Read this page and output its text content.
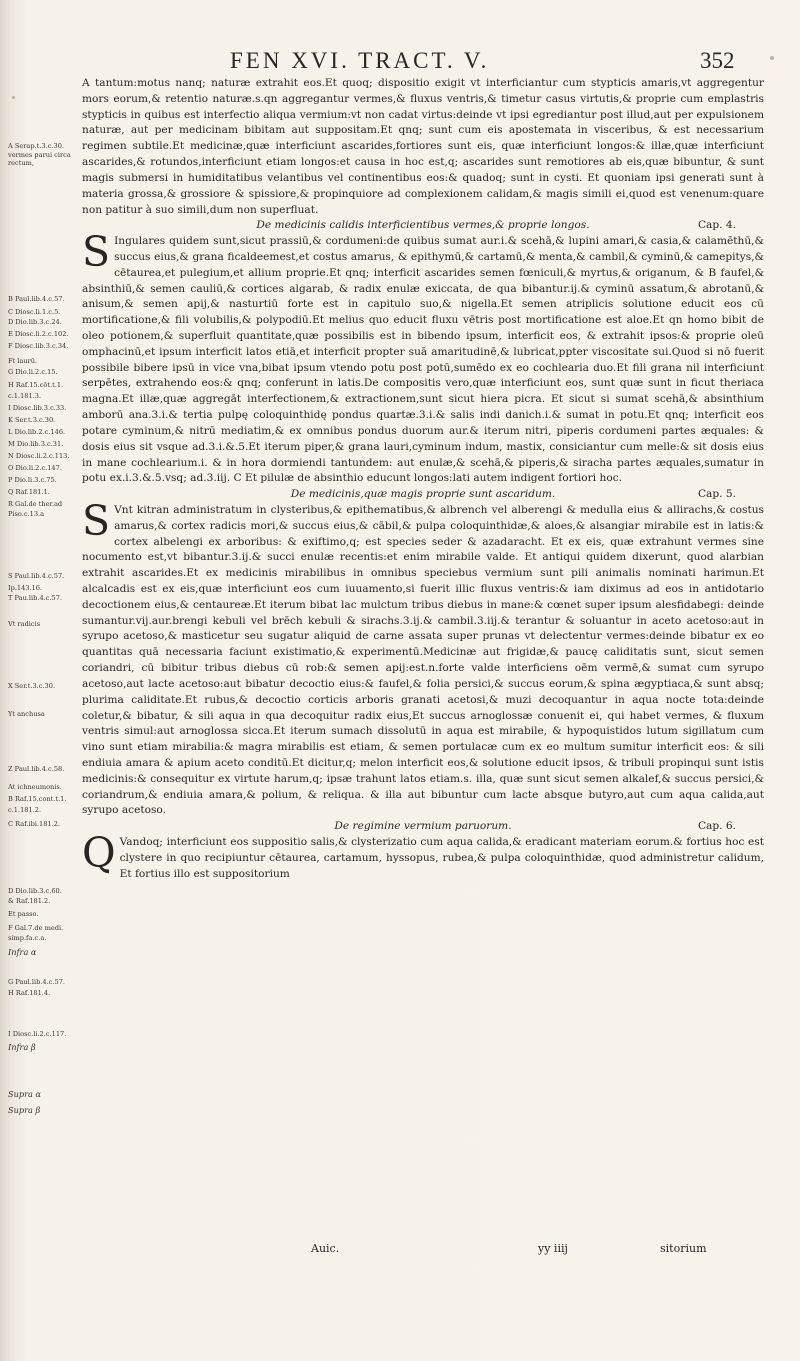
FEN XVI. TRACT. V.	352
A Serap.t.3.c.30.
vermes parui circa rectum,
B Paul.lib.4.c.57.
C Diosc.li.1.c.5.
D Dio.lib.3.c.24.
E Diosc.li.2.c.102.
F Diosc.lib.3.c.34.
Ft laurū.
G Dio.li.2.c.15.
H Raf.15.cōt.t.1.
c.1.181.3.
I Diosc.lib.3.c.33.
K Ser.t.3.c.30.
L Dio.lib.2.c.146.
M Dio.lib.3.c.31.
N Diosc.li.2.c.113.
O Dio.li.2.c.147.
P Dio.li.3.c.75.
Q Raf.181.1.
R Gal.de ther.ad
Piso.c.13.a
S Paul.lib.4.c.57.
Ip.143.16.
T Pau.lib.4.c.57.
Vt radicis
X Ser.t.3.c.30.
Yt anchusa
Z Paul.lib.4.c.58.
At ichneumonis.
B Raf.15.cont.t.1.
c.1.181.2.
C Raf.ibi.181.2.
D Dio.lib.3.c.60.
& Raf.181.2.
Et passo.
F Gal.7.de medi.
simp.fa.c.a.
Infra α
G Paul.lib.4.c.57.
H Raf.181.4.
I Diosc.li.2.c.117.
Infra β
Supra α
Supra β

A tantum:motus nanq; naturæ extrahit eos.Et quoq; dispositio exigit vt interficiantur cum stypticis amaris,vt aggregentur mors eorum,& retentio naturæ.s.qn aggregantur vermes,& fluxus ventris,& timetur casus virtutis,& proprie cum emplastris stypticis in quibus est interfectio aliqua vermium:vt non cadat virtus:deinde vt ipsi egrediantur post illud,aut per expulsionem naturæ, aut per medicinam bibitam aut suppositam.Et qnq; sunt cum eis apostemata in visceribus, & est necessarium regimen subtile.Et medicinæ,quæ interficiunt ascarides,fortiores sunt eis, quæ interficiunt longos:& illæ,quæ interficiunt ascarides,& rotundos,interficiunt etiam longos:et causa in hoc est,q; ascarides sunt remotiores ab eis,quæ bibuntur, & sunt magis submersi in humiditatibus velantibus vel continentibus eos:& quadoq; sunt in cysti. Et quoniam ipsi generati sunt à materia grossa,& grossiore & spissiore,& propinquiore ad complexionem calidam,& magis simili ei,quod est venenum:quare non patitur à suo simili,dum non superfluat.

De medicinis calidis interficientibus vermes,& proprie longos.	Cap. 4.

S Ingulares quidem sunt,sicut prassiū,& cordumeni:de quibus sumat aur.i.& scehā,& lupini amari,& casia,& calamēthū,& succus eius,& grana ficaldeemest,et costus amarus, & epithymū,& cartamū,& menta,& cambil,& cyminū,& camepitys,& cētaurea,et pulegium,et allium proprie.Et qnq; interficit ascarides semen fœniculi,& myrtus,& origanum, & B faufel,& absinthiū,& semen cauliū,& cortices algarab, & radix enulæ exiccata, de qua bibantur.ij.& cyminū assatum,& abrotanū,& anisum,& semen apij,& nasturtiū forte est in capitulo suo,& nigella.Et semen atriplicis solutione educit eos cū mortificatione,& fili volubilis,& polypodiū.Et melius quo educit fluxu vētris post mortificatione est aloe.Et qn homo bibit de oleo potionem,& superfluit quantitate,quæ possibilis est in bibendo ipsum, interficit eos, & extrahit ipsos:& proprie oleū omphacinū,et ipsum interficit latos etiā,et interficit propter suā amaritudinē,& lubricat,ppter viscositate sui.Quod si nō fuerit possibile bibere ipsū in vice vna,bibat ipsum vtendo potu post potū,sumēdo ex eo cochlearia duo.Et fili grana nil interficiunt serpētes, extrahendo eos:& qnq; conferunt in latis.De compositis vero,quæ interficiunt eos, sunt quæ sunt in ficut theriaca magna.Et illæ,quæ aggregāt interfectionem,& extractionem,sunt sicut hiera picra. Et sicut si sumat scehā,& absinthium amborū ana.3.i.& tertia pulpę coloquinthidę pondus quartæ.3.i.& salis indi danich.i.& sumat in potu.Et qnq; interficit eos potare cyminum,& nitrū mediatim,& ex omnibus pondus duorum aur.& iterum nitri, piperis cordumeni partes æquales: & dosis eius sit vsque ad.3.i.&.5.Et iterum piper,& grana lauri,cyminum indum, mastix, consiciantur cum melle:& sit dosis eius in mane cochlearium.i. & in hora dormiendi tantundem: aut enulæ,& scehā,& piperis,& siracha partes æquales,sumatur in potu ex.i.3.&.5.vsq; ad.3.iij. C Et pilulæ de absinthio educunt longos:lati autem indigent fortiori hoc.

De medicinis,quæ magis proprie sunt ascaridum.	Cap. 5.

S Vnt kitran administratum in clysteribus,& epithematibus,& albrench vel alberengi & medulla eius & allirachs,& costus amarus,& cortex radicis mori,& succus eius,& cābil,& pulpa coloquinthidæ,& aloes,& alsangiar mirabile est in latis:& cortex albelengi ex arboribus: & exiftimo,q; est species seder & azadaracht. Et ex eis, quæ extrahunt vermes sine nocumento est,vt bibantur.3.ij.& succi enulæ recentis:et enim mirabile valde. Et antiqui quidem dixerunt, quod alarbian extrahit ascarides.Et ex medicinis mirabilibus in omnibus speciebus vermium sunt pili animalis nominati harimun.Et alcalcadis est ex eis,quæ interficiunt eos cum iuuamento,si fuerit illic fluxus ventris:& iam diximus ad eos in antidotario decoctionem eius,& centaureæ.Et iterum bibat lac mulctum tribus diebus in mane:& cœnet super ipsum alesfidabegi: deinde sumantur.vij.aur.brengi kebuli vel brēch kebuli & sirachs.3.ij.& cambil.3.iij.& terantur & soluantur in aceto acetoso:aut in syrupo acetoso,& masticetur seu sugatur aliquid de carne assata super prunas vt delectentur vermes:deinde bibatur ex eo quantitas quā necessaria faciunt existimatio,& experimentū.Medicinæ aut frigidæ,& paucę caliditatis sunt, sicut semen coriandri, cū bibitur tribus diebus cū rob:& semen apij:est.n.forte valde interficiens oēm vermē,& sumat cum syrupo acetoso,aut lacte acetoso:aut bibatur decoctio eius:& faufel,& folia persici,& succus eorum,& spina ægyptiaca,& sunt absq; plurima caliditate.Et rubus,& decoctio corticis arboris granati acetosi,& muzi decoquantur in aqua nocte tota:deinde coletur,& bibatur, & sili aqua in qua decoquitur radix eius,Et succus arnoglossæ conuenit ei, qui habet vermes, & fluxum ventris simul:aut arnoglossa sicca.Et iterum sumach dissolutū in aqua est mirabile, & hypoquistidos lutum sigillatum cum vino sunt etiam mirabilia:& magra mirabilis est etiam, & semen portulacæ cum ex eo multum sumitur interficit eos: & sili endiuia amara & apium aceto conditū.Et dicitur,q; melon interficit eos,& solutione educit ipsos, & tribuli propinqui sunt istis medicinis:& consequitur ex virtute harum,q; ipsæ trahunt latos etiam.s. illa, quæ sunt sicut semen alkalef,& succus persici,& coriandrum,& endiuia amara,& polium, & reliqua. & illa aut bibuntur cum lacte absque butyro,aut cum aqua calida,aut syrupo acetoso.

De regimine vermium paruorum.	Cap. 6.

Q Vandoq; interficiunt eos suppositio salis,& clysterizatio cum aqua calida,& eradicant materiam eorum.& fortius hoc est clystere in quo recipiuntur cētaurea, cartamum, hyssopus, rubea,& pulpa coloquinthidæ, quod administretur calidum, Et fortius illo est suppositorium

Auic.	yy iiij	sitorium
